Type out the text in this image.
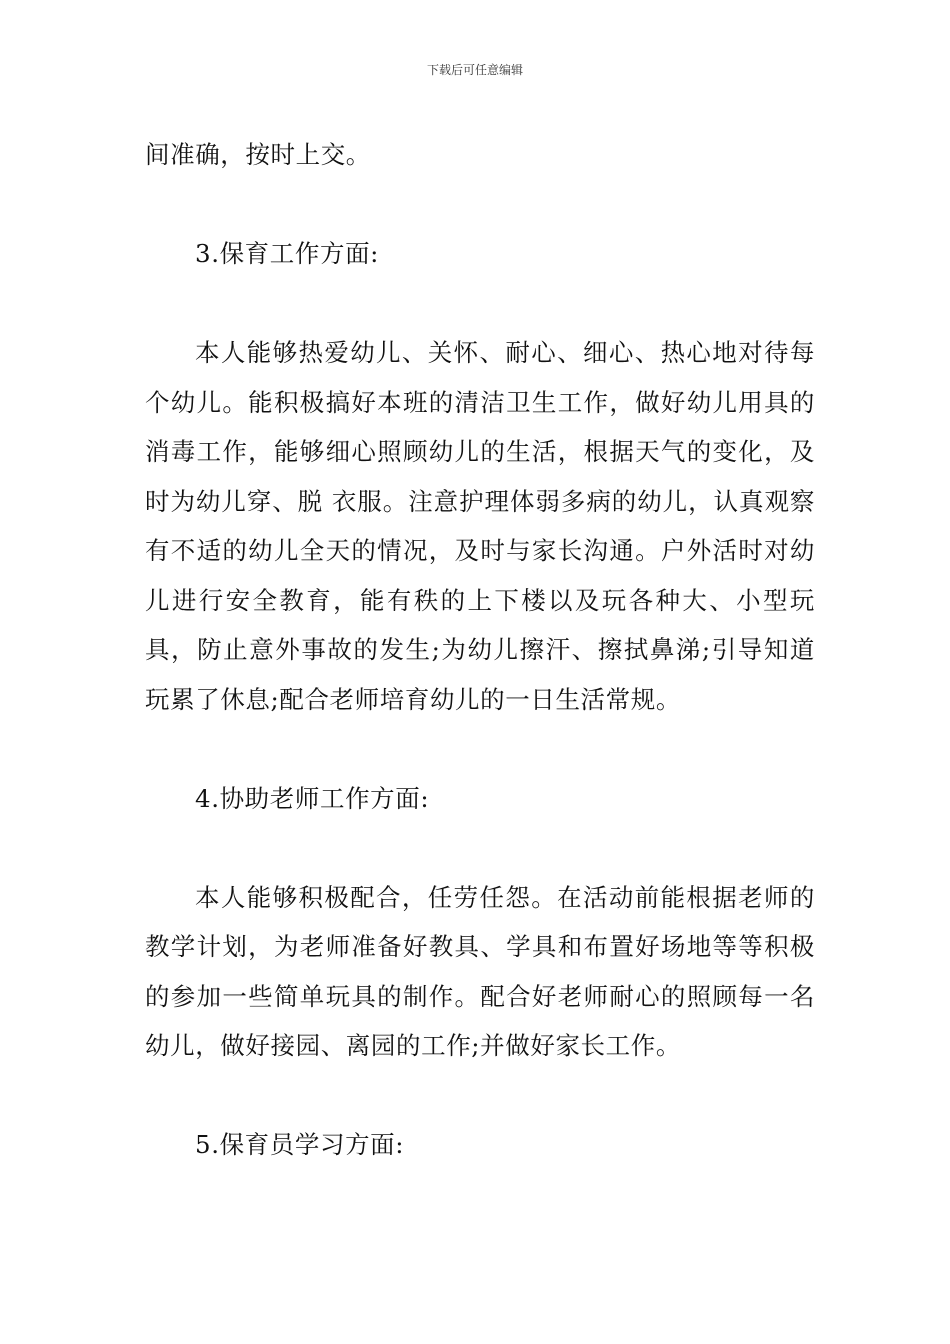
下载后可任意编辑

间准确，按时上交。

3.保育工作方面:

本人能够热爱幼儿、关怀、耐心、细心、热心地对待每个幼儿。能积极搞好本班的清洁卫生工作，做好幼儿用具的消毒工作，能够细心照顾幼儿的生活，根据天气的变化，及时为幼儿穿、脱 衣服。注意护理体弱多病的幼儿，认真观察有不适的幼儿全天的情况，及时与家长沟通。户外活时对幼儿进行安全教育，能有秩的上下楼以及玩各种大、小型玩具，防止意外事故的发生;为幼儿擦汗、擦拭鼻涕;引导知道玩累了休息;配合老师培育幼儿的一日生活常规。

4.协助老师工作方面:

本人能够积极配合，任劳任怨。在活动前能根据老师的教学计划，为老师准备好教具、学具和布置好场地等等积极的参加一些简单玩具的制作。配合好老师耐心的照顾每一名幼儿，做好接园、离园的工作;并做好家长工作。

5.保育员学习方面:
